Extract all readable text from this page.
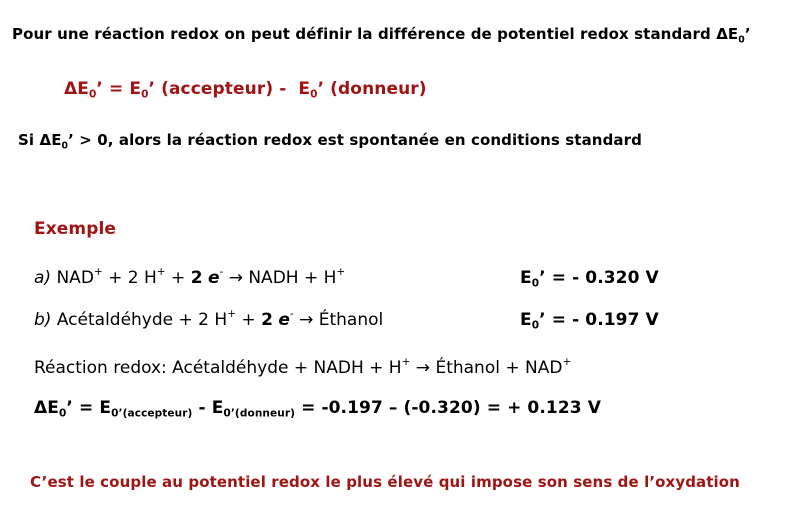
Pour une réaction redox on peut définir la différence de potentiel redox standard $\Delta E_0$’
$\Delta E_0$’ = $E_0$’ (accepteur) - $E_0$’ (donneur)
Si $\Delta E_0$’ > 0, alors la réaction redox est spontanée en conditions standard
Exemple
a) NAD+ + 2 H+ + 2 e- → NADH + H+	$E_0$’ = - 0.320 V
b) Acétaldéhyde + 2 H+ + 2 e- → Éthanol	$E_0$’ = - 0.197 V
Réaction redox: Acétaldéhyde + NADH + H+ → Éthanol + NAD+
$\Delta E_0$’ = $E_{0’(accepteur)} - E_{0’(donneur)} = -0.197 - (-0.320)$ = + 0.123 V
C’est le couple au potentiel redox le plus élevé qui impose son sens de l’oxydation
